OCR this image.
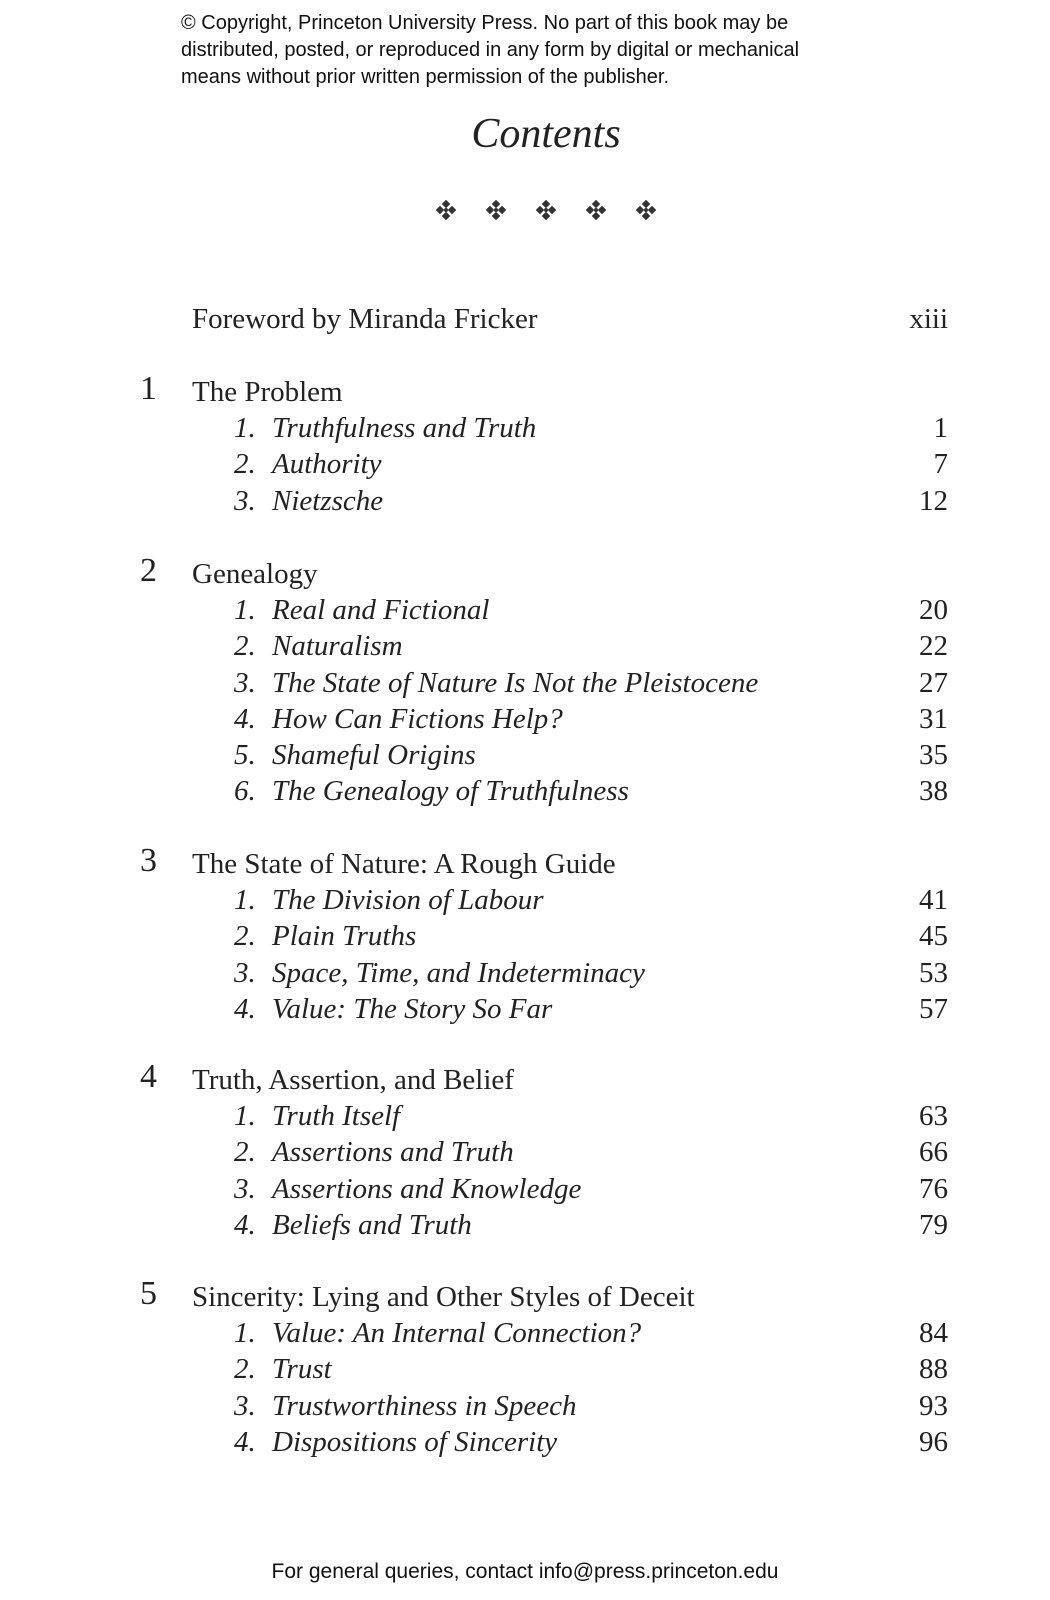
© Copyright, Princeton University Press. No part of this book may be
distributed, posted, or reproduced in any form by digital or mechanical
means without prior written permission of the publisher.
Contents
Foreword by Miranda Fricker	xiii
1 The Problem
1. Truthfulness and Truth	1
2. Authority	7
3. Nietzsche	12
2 Genealogy
1. Real and Fictional	20
2. Naturalism	22
3. The State of Nature Is Not the Pleistocene	27
4. How Can Fictions Help?	31
5. Shameful Origins	35
6. The Genealogy of Truthfulness	38
3 The State of Nature: A Rough Guide
1. The Division of Labour	41
2. Plain Truths	45
3. Space, Time, and Indeterminacy	53
4. Value: The Story So Far	57
4 Truth, Assertion, and Belief
1. Truth Itself	63
2. Assertions and Truth	66
3. Assertions and Knowledge	76
4. Beliefs and Truth	79
5 Sincerity: Lying and Other Styles of Deceit
1. Value: An Internal Connection?	84
2. Trust	88
3. Trustworthiness in Speech	93
4. Dispositions of Sincerity	96
For general queries, contact info@press.princeton.edu
